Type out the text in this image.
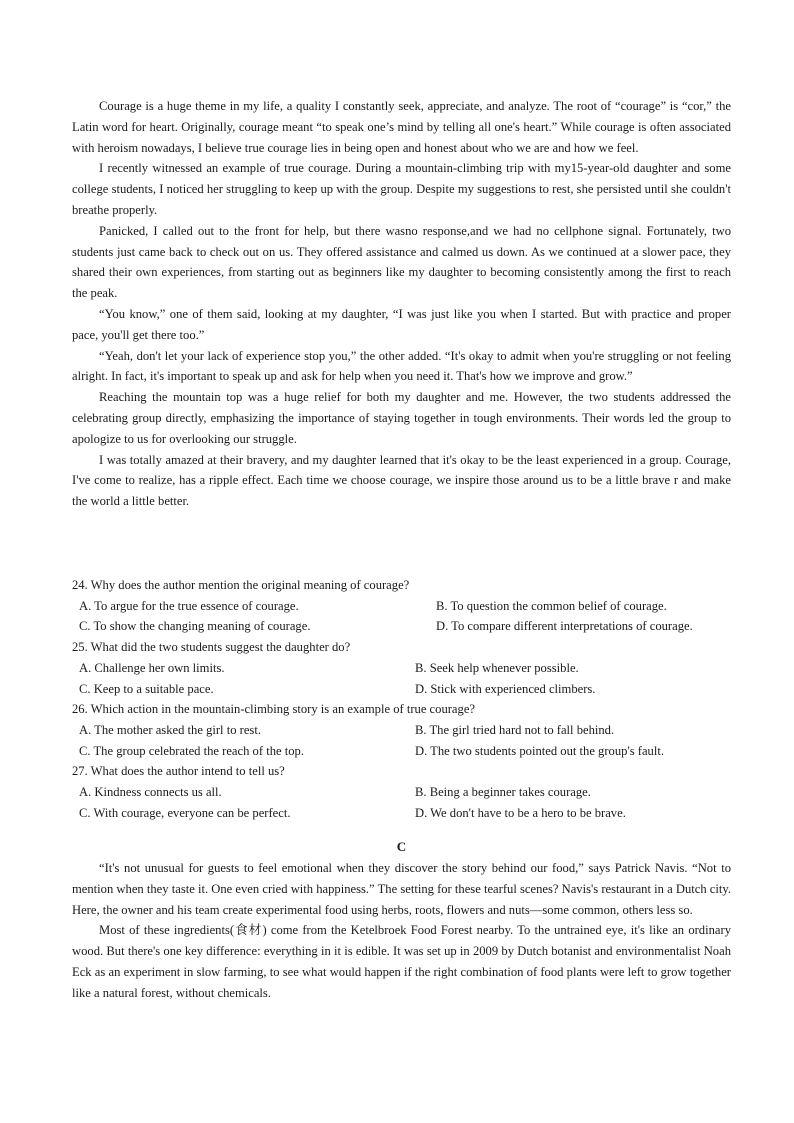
Courage is a huge theme in my life, a quality I constantly seek, appreciate, and analyze. The root of “courage” is “cor,” the Latin word for heart. Originally, courage meant “to speak one’s mind by telling all one's heart.” While courage is often associated with heroism nowadays, I believe true courage lies in being open and honest about who we are and how we feel.

I recently witnessed an example of true courage. During a mountain-climbing trip with my15-year-old daughter and some college students, I noticed her struggling to keep up with the group. Despite my suggestions to rest, she persisted until she couldn't breathe properly.

Panicked, I called out to the front for help, but there wasno response,and we had no cellphone signal. Fortunately, two students just came back to check out on us. They offered assistance and calmed us down. As we continued at a slower pace, they shared their own experiences, from starting out as beginners like my daughter to becoming consistently among the first to reach the peak.

“You know,” one of them said, looking at my daughter, “I was just like you when I started. But with practice and proper pace, you'll get there too.”

“Yeah, don't let your lack of experience stop you,” the other added. “It's okay to admit when you're struggling or not feeling alright. In fact, it's important to speak up and ask for help when you need it. That's how we improve and grow.”

Reaching the mountain top was a huge relief for both my daughter and me. However, the two students addressed the celebrating group directly, emphasizing the importance of staying together in tough environments. Their words led the group to apologize to us for overlooking our struggle.

I was totally amazed at their bravery, and my daughter learned that it's okay to be the least experienced in a group. Courage, I've come to realize, has a ripple effect. Each time we choose courage, we inspire those around us to be a little brave r and make the world a little better.

24. Why does the author mention the original meaning of courage?

A. To argue for the true essence of courage.	B. To question the common belief of courage.
C. To show the changing meaning of courage.	D. To compare different interpretations of courage.

25. What did the two students suggest the daughter do?

A. Challenge her own limits.	B. Seek help whenever possible.
C. Keep to a suitable pace.	D. Stick with experienced climbers.

26. Which action in the mountain-climbing story is an example of true courage?

A. The mother asked the girl to rest.	B. The girl tried hard not to fall behind.
C. The group celebrated the reach of the top.	D. The two students pointed out the group's fault.

27. What does the author intend to tell us?

A. Kindness connects us all.	B. Being a beginner takes courage.
C. With courage, everyone can be perfect.	D. We don't have to be a hero to be brave.
C

“It's not unusual for guests to feel emotional when they discover the story behind our food,” says Patrick Navis. “Not to mention when they taste it. One even cried with happiness.” The setting for these tearful scenes? Navis's restaurant in a Dutch city. Here, the owner and his team create experimental food using herbs, roots, flowers and nuts—some common, others less so.

Most of these ingredients(食材) come from the Ketelbroek Food Forest nearby. To the untrained eye, it's like an ordinary wood. But there's one key difference: everything in it is edible. It was set up in 2009 by Dutch botanist and environmentalist Noah Eck as an experiment in slow farming, to see what would happen if the right combination of food plants were left to grow together like a natural forest, without chemicals.
